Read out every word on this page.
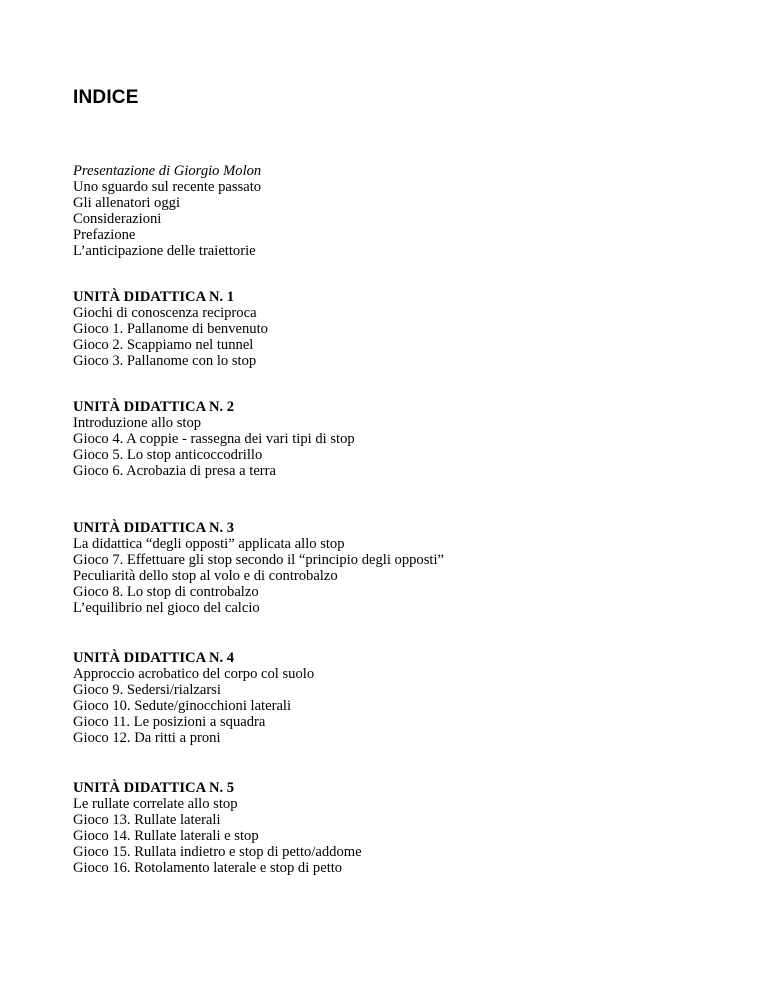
INDICE
Presentazione di Giorgio Molon
Uno sguardo sul recente passato
Gli allenatori oggi
Considerazioni
Prefazione
L’anticipazione delle traiettorie
UNITÀ DIDATTICA N. 1
Giochi di conoscenza reciproca
Gioco 1. Pallanome di benvenuto
Gioco 2. Scappiamo nel tunnel
Gioco 3. Pallanome con lo stop
UNITÀ DIDATTICA N. 2
Introduzione allo stop
Gioco 4. A coppie - rassegna dei vari tipi di stop
Gioco 5. Lo stop anticoccodrillo
Gioco 6. Acrobazia di presa a terra
UNITÀ DIDATTICA N. 3
La didattica “degli opposti” applicata allo stop
Gioco 7. Effettuare gli stop secondo il “principio degli opposti”
Peculiarità dello stop al volo e di controbalzo
Gioco 8. Lo stop di controbalzo
L’equilibrio nel gioco del calcio
UNITÀ DIDATTICA N. 4
Approccio acrobatico del corpo col suolo
Gioco 9. Sedersi/rialzarsi
Gioco 10. Sedute/ginocchioni laterali
Gioco 11. Le posizioni a squadra
Gioco 12. Da ritti a proni
UNITÀ DIDATTICA N. 5
Le rullate correlate allo stop
Gioco 13. Rullate laterali
Gioco 14. Rullate laterali e stop
Gioco 15. Rullata indietro e stop di petto/addome
Gioco 16. Rotolamento laterale e stop di petto
